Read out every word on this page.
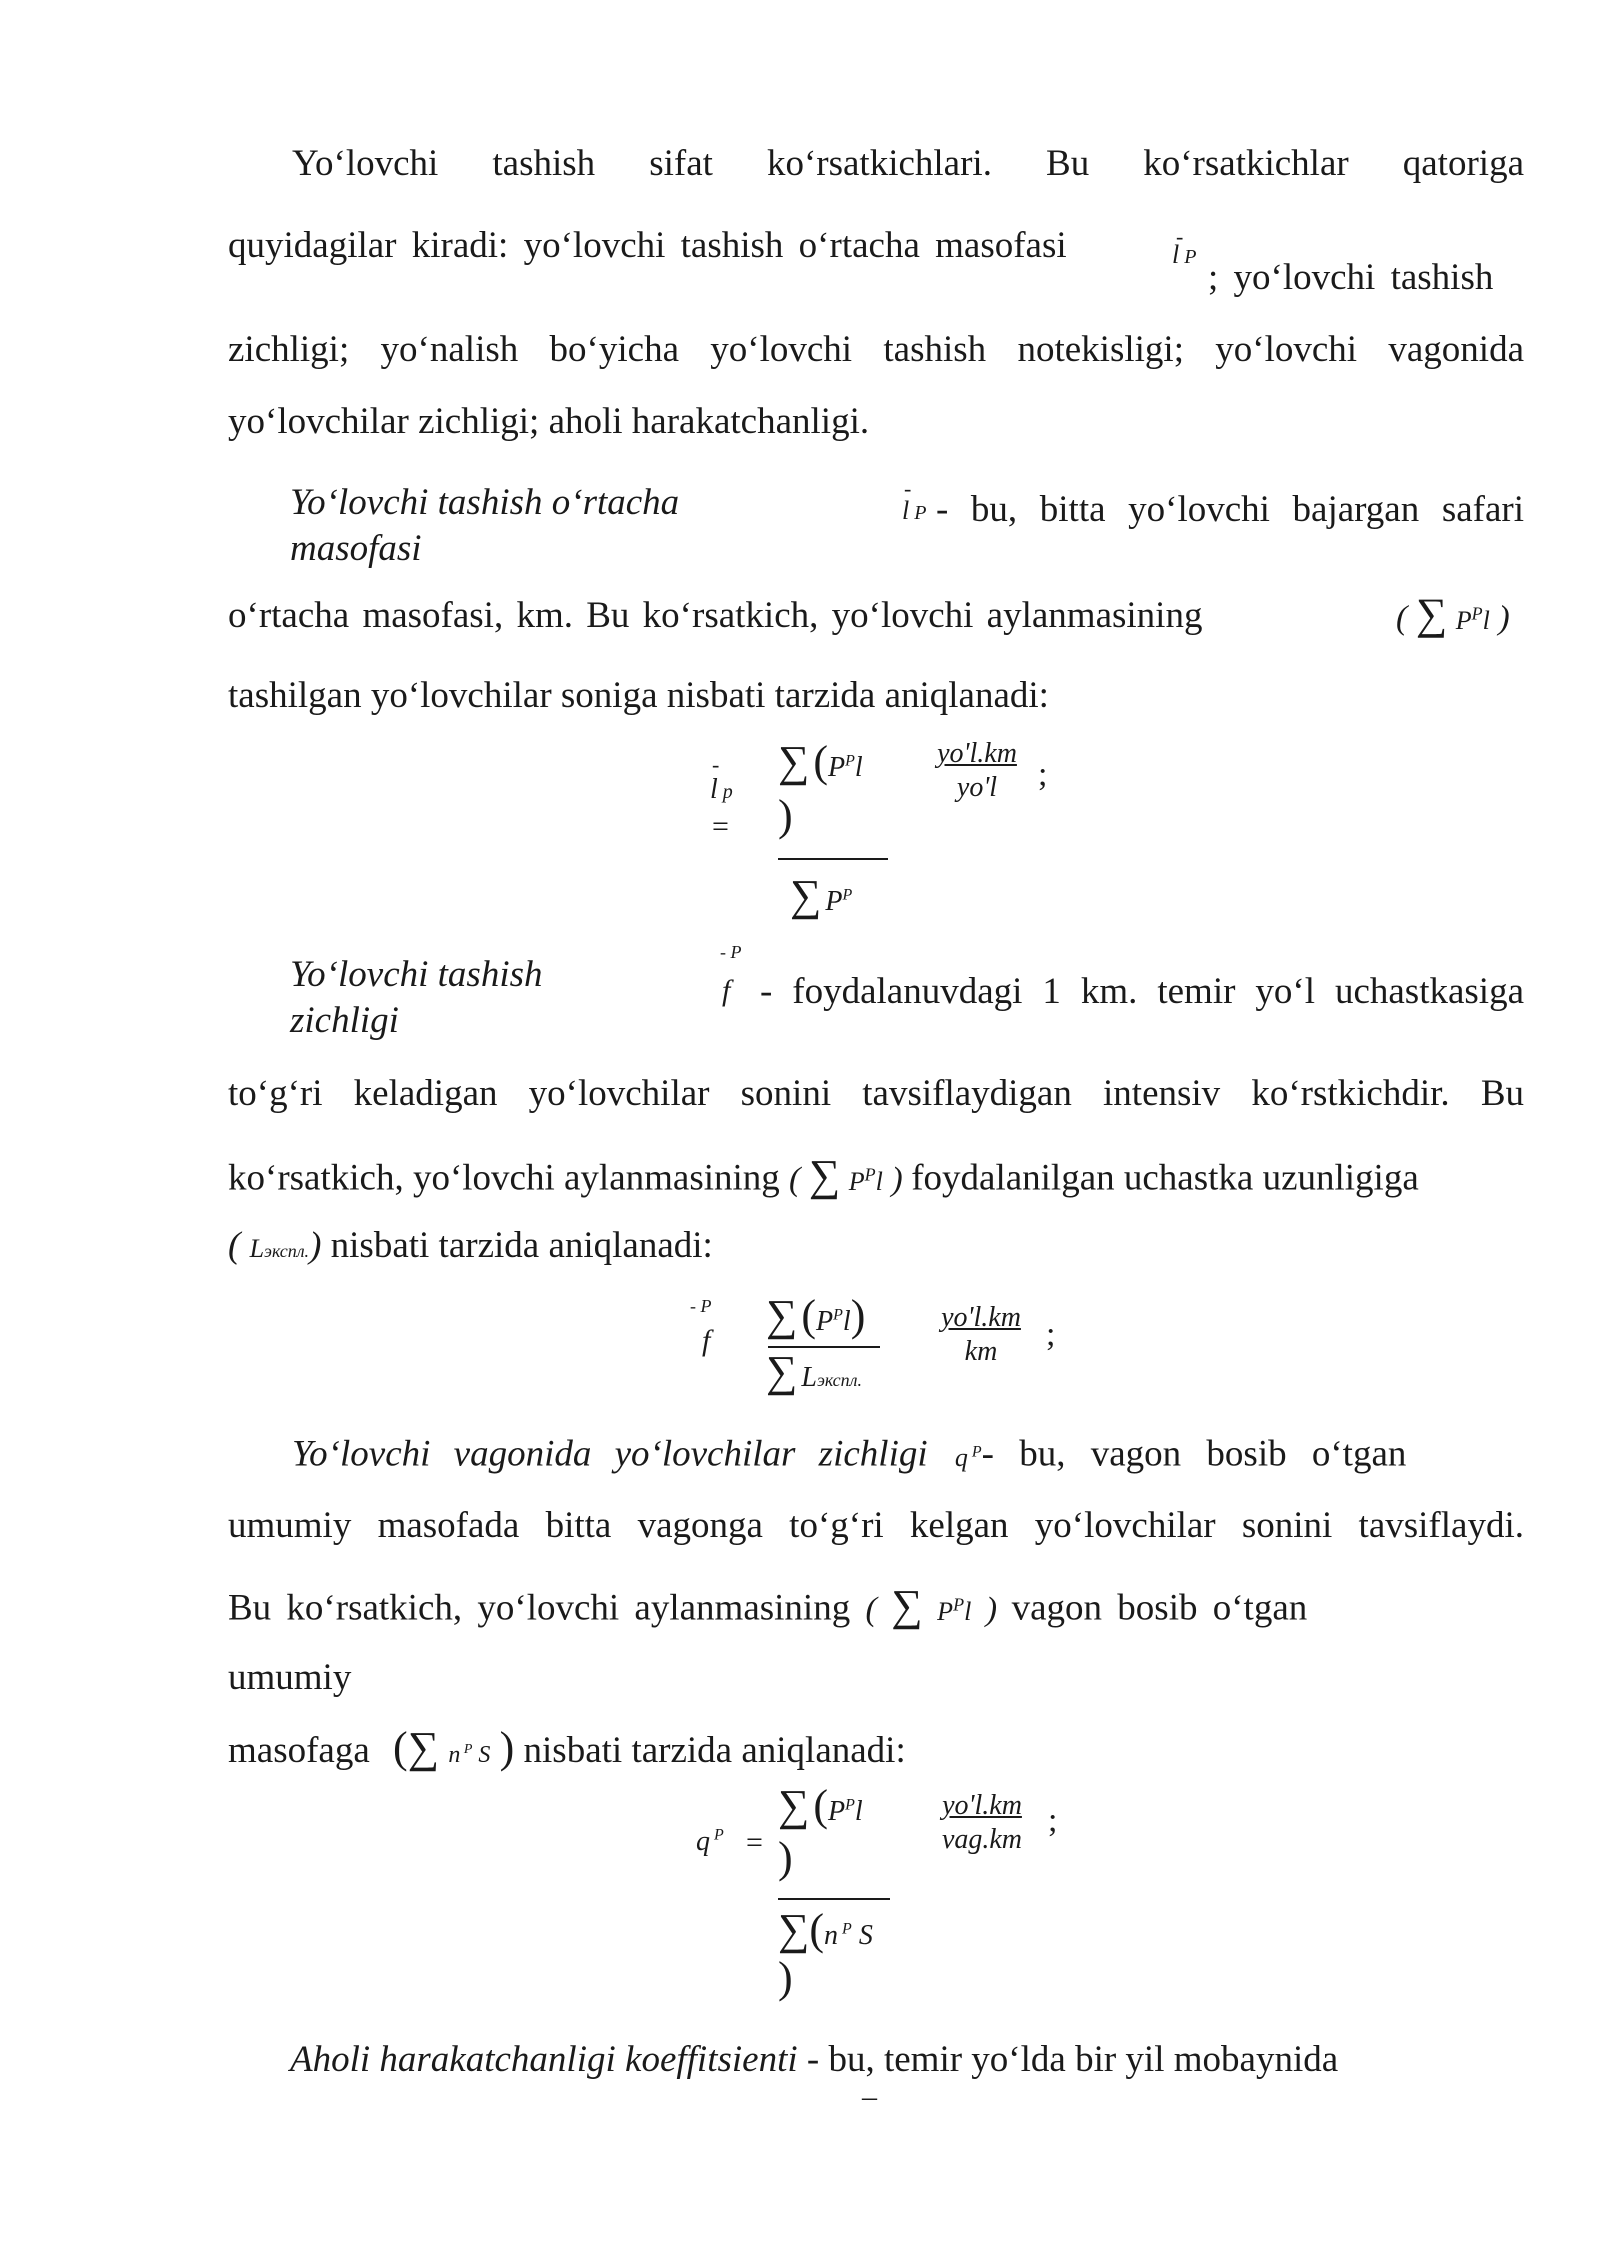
Yo‘lovchi tashish sifat ko‘rsatkichlari. Bu ko‘rsatkichlar qatoriga
quyidagilar kiradi: yo‘lovchi tashish o‘rtacha masofasi	-
l P ; yo‘lovchi tashish
zichligi; yo‘nalish bo‘yicha yo‘lovchi tashish notekisligi; yo‘lovchi vagonida
yo‘lovchilar zichligi; aholi harakatchanligi.
Yo‘lovchi tashish o‘rtacha
masofasi
-
l P - bu, bitta yo‘lovchi bajargan safari
o‘rtacha masofasi, km. Bu ko‘rsatkich, yo‘lovchi aylanmasining	( ∑ $P^Pl$ )
tashilgan yo‘lovchilar soniga nisbati tarzida aniqlanadi:
-
l p
=
∑ ($P^Pl$
)
∑ $P^P$
yo'l.km
yo'l	;
Yo‘lovchi tashish
zichligi
- P
f - foydalanuvdagi 1 km. temir yo‘l uchastkasiga
to‘g‘ri keladigan yo‘lovchilar sonini tavsiflaydigan intensiv ko‘rstkichdir. Bu
ko‘rsatkich, yo‘lovchi aylanmasining ( ∑ $P^Pl$ ) foydalanilgan uchastka uzunligiga
( Lэкспл.) nisbati tarzida aniqlanadi:
- P
f
∑ $(P^Pl)$
∑ Lэкспл.
yo'l.km
km	;
Yo‘lovchi vagonida yo‘lovchilar zichligi q $^P$- bu, vagon bosib o‘tgan
umumiy masofada bitta vagonga to‘g‘ri kelgan yo‘lovchilar sonini tavsiflaydi.
Bu ko‘rsatkich, yo‘lovchi aylanmasining ( ∑ $P^Pl$ ) vagon bosib o‘tgan
umumiy
masofaga (∑ n $^P$ S ) nisbati tarzida aniqlanadi:
q $^P$ =
∑ ($P^Pl$
)
∑(n $^P$ S
)
yo'l.km
vag.km
;
Aholi harakatchanligi koeffitsienti - bu, temir yo‘lda bir yil mobaynida
–
